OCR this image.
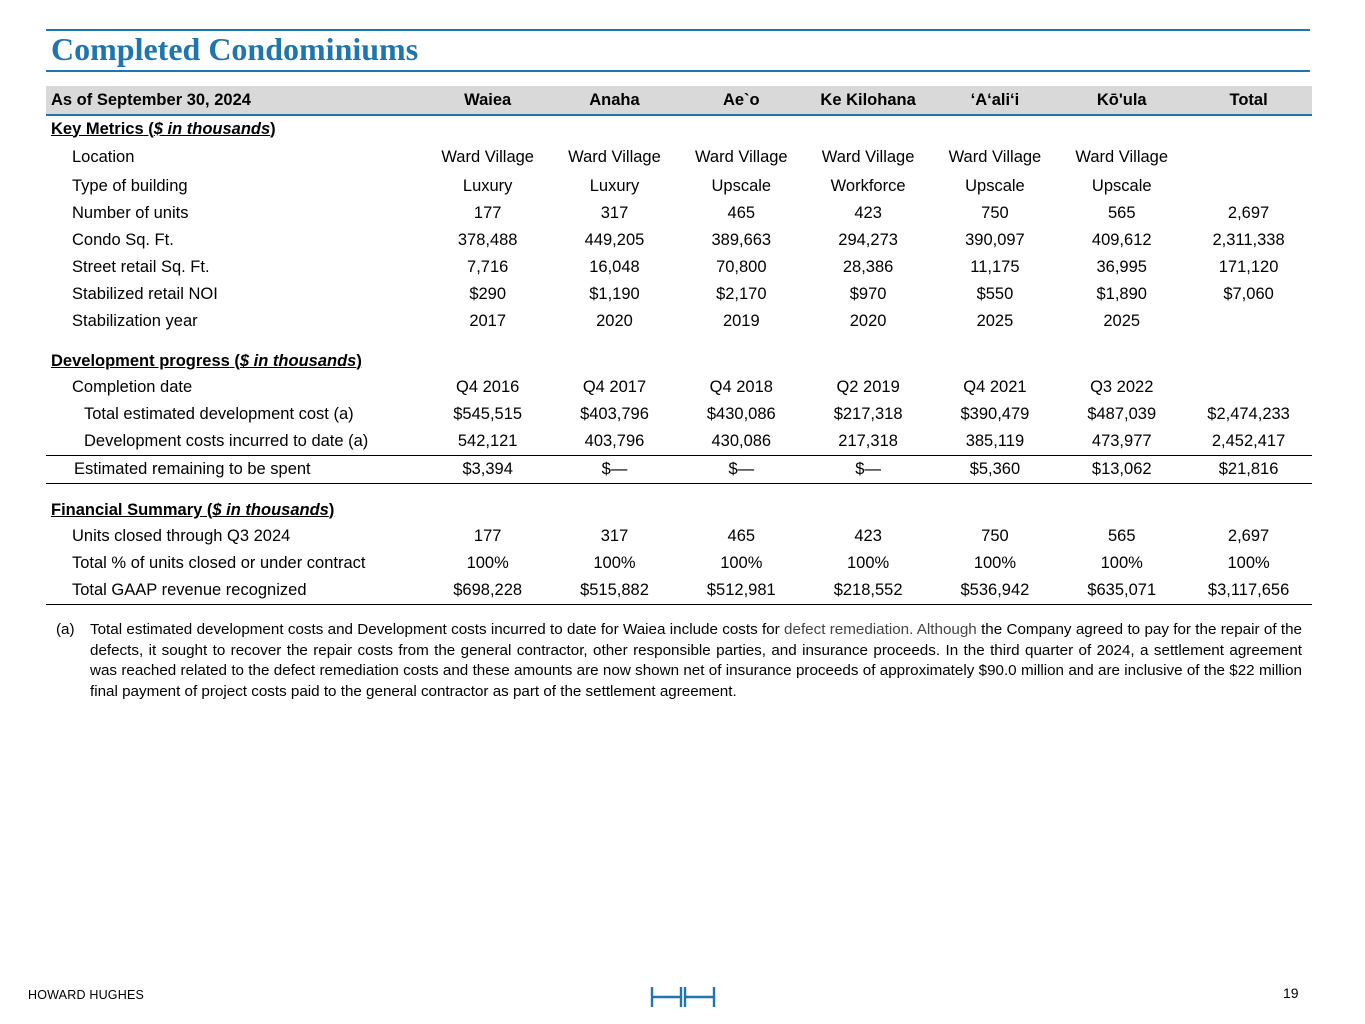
Completed Condominiums
As of September 30, 2024	Waiea	Anaha	Ae`o	Ke Kilohana	‘A‘ali‘i	Kō'ula	Total
Key Metrics ($ in thousands)							
Location	Ward Village	Ward Village	Ward Village	Ward Village	Ward Village	Ward Village	
Type of building	Luxury	Luxury	Upscale	Workforce	Upscale	Upscale	
Number of units	177	317	465	423	750	565	2,697
Condo Sq. Ft.	378,488	449,205	389,663	294,273	390,097	409,612	2,311,338
Street retail Sq. Ft.	7,716	16,048	70,800	28,386	11,175	36,995	171,120
Stabilized retail NOI	$290	$1,190	$2,170	$970	$550	$1,890	$7,060
Stabilization year	2017	2020	2019	2020	2025	2025	
Development progress ($ in thousands)							
Completion date	Q4 2016	Q4 2017	Q4 2018	Q2 2019	Q4 2021	Q3 2022	
Total estimated development cost (a)	$545,515	$403,796	$430,086	$217,318	$390,479	$487,039	$2,474,233
Development costs incurred to date (a)	542,121	403,796	430,086	217,318	385,119	473,977	2,452,417
Estimated remaining to be spent	$3,394	$—	$—	$—	$5,360	$13,062	$21,816
Financial Summary ($ in thousands)							
Units closed through Q3 2024	177	317	465	423	750	565	2,697
Total % of units closed or under contract	100%	100%	100%	100%	100%	100%	100%
Total GAAP revenue recognized	$698,228	$515,882	$512,981	$218,552	$536,942	$635,071	$3,117,656
(a)	Total estimated development costs and Development costs incurred to date for Waiea include costs for defect remediation. Although the Company agreed to pay for the repair of the defects, it sought to recover the repair costs from the general contractor, other responsible parties, and insurance proceeds. In the third quarter of 2024, a settlement agreement was reached related to the defect remediation costs and these amounts are now shown net of insurance proceeds of approximately $90.0 million and are inclusive of the $22 million final payment of project costs paid to the general contractor as part of the settlement agreement.
HOWARD HUGHES	19
